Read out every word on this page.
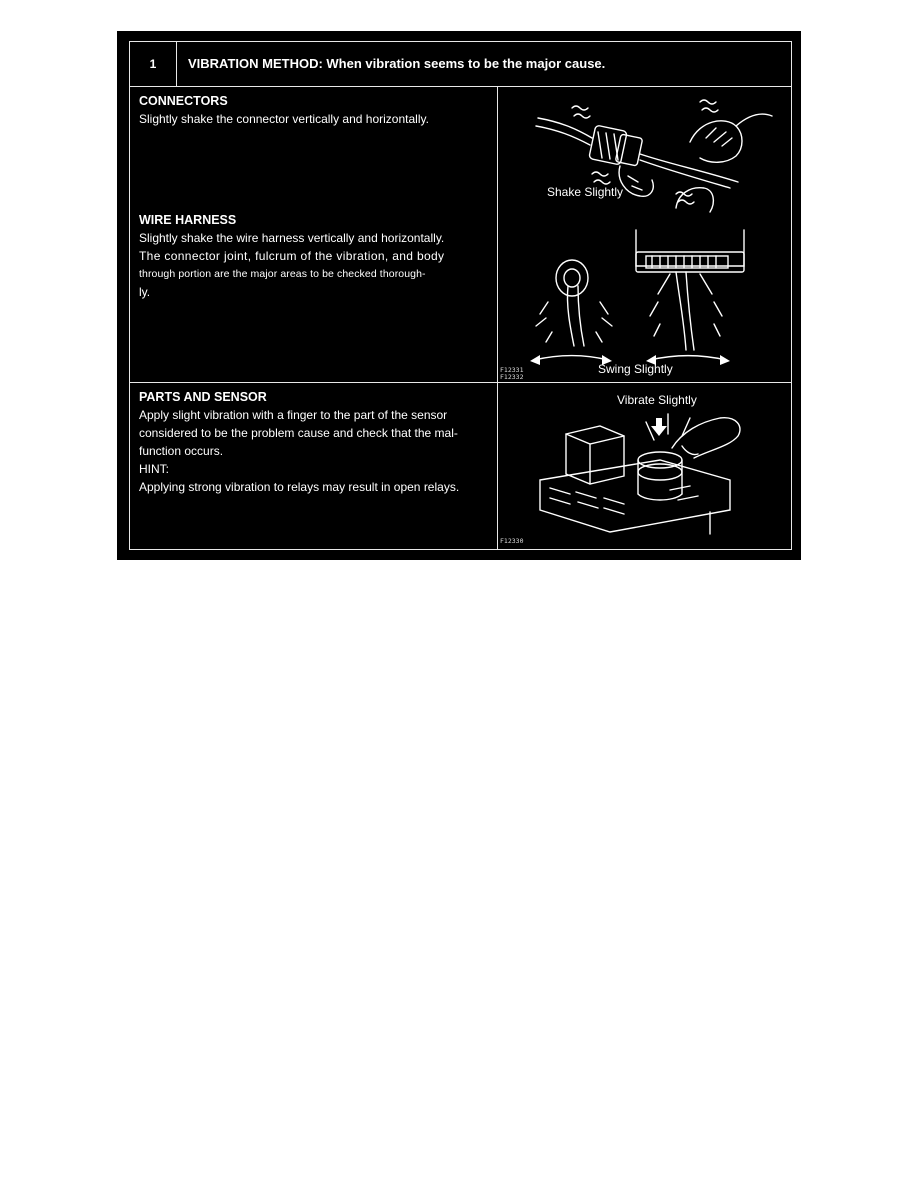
1	VIBRATION METHOD: When vibration seems to be the major cause.
CONNECTORS

Slightly shake the connector vertically and horizontally.

WIRE HARNESS

Slightly shake the wire harness vertically and horizontally.

The connector joint, fulcrum of the vibration, and body

through portion are the major areas to be checked thorough-

ly.

PARTS AND SENSOR

Apply slight vibration with a finger to the part of the sensor

considered to be the problem cause and check that the mal-

function occurs.

HINT:

Applying strong vibration to relays may result in open relays.

Shake Slightly
Swing Slightly
F12331
F12332
Vibrate Slightly
F12330
